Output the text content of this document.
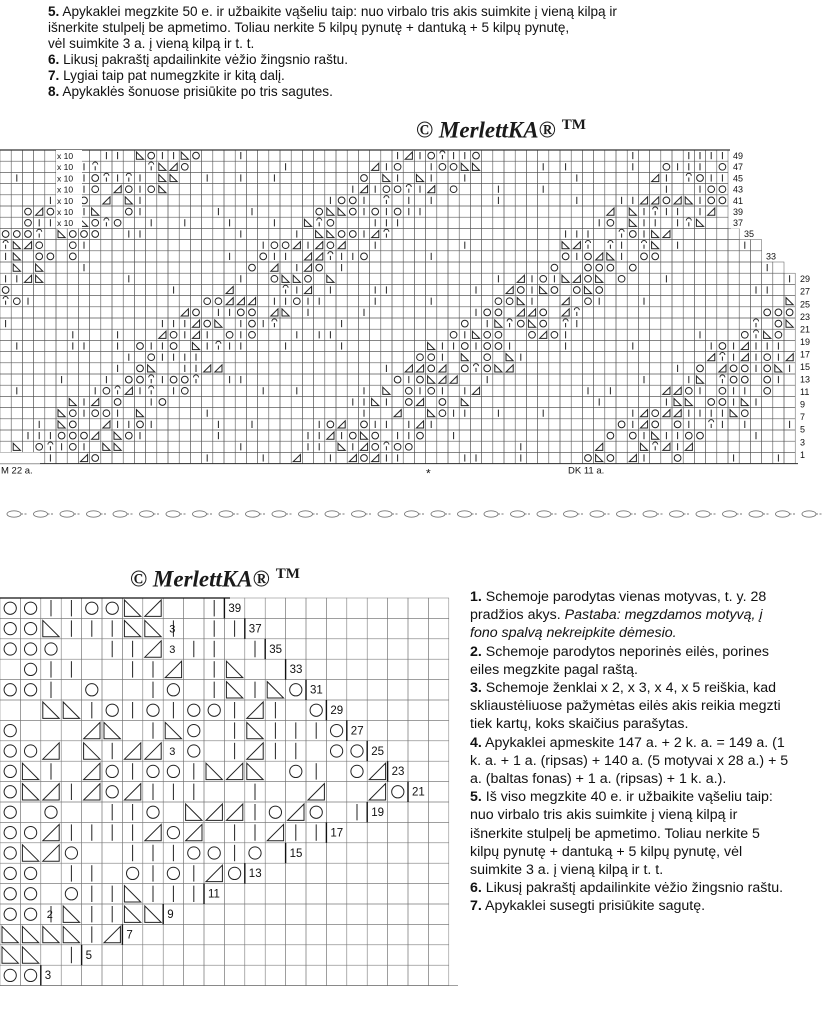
5. Apykaklei megzkite 50 e. ir užbaikite vąšeliu taip: nuo virbalo tris akis suimkite į vieną kilpą ir

išnerkite stulpelį be apmetimo. Toliau nerkite 5 kilpų pynutę + dantuką + 5 kilpų pynutę,

vėl suimkite 3 a. į vieną kilpą ir t. t.

6. Likusį pakraštį apdailinkite vėžio žingsnio raštu.

7. Lygiai taip pat numegzkite ir kitą dalį.

8. Apykaklės šonuose prisiūkite po tris sagutes.

© MerlettKA® ™
© MerlettKA® ™
x 10
x 10
x 10
x 10
x 10
x 10
x 10
49
47
45
43
41
39
37
35
33
29
27
25
23
21
19
17
15
13
11
9
7
5
3
1
M 22 a.	DK 11 a.
*
39
37
35
33
31
29
27
25
23
21
19
17
15
13
11
9
7
5
3
2
3
3
3

1. Schemoje parodytas vienas motyvas, t. y. 28 pradžios akys. Pastaba: megzdamos motyvą, į fono spalvą nekreipkite dėmesio.

2. Schemoje parodytos neporinės eilės, porines eiles megzkite pagal raštą.

3. Schemoje ženklai x 2, x 3, x 4, x 5 reiškia, kad skliaustėliuose pažymėtas eilės akis reikia megzti tiek kartų, koks skaičius parašytas.

4. Apykaklei apmeskite 147 a. + 2 k. a. = 149 a. (1 k. a. + 1 a. (ripsas) + 140 a. (5 motyvai x 28 a.) + 5 a. (baltas fonas) + 1 a. (ripsas) + 1 k. a.).

5. Iš viso megzkite 40 e. ir užbaikite vąšeliu taip: nuo virbalo tris akis suimkite į vieną kilpą ir išnerkite stulpelį be apmetimo. Toliau nerkite 5 kilpų pynutę + dantuką + 5 kilpų pynutę, vėl suimkite 3 a. į vieną kilpą ir t. t.

6. Likusį pakraštį apdailinkite vėžio žingsnio raštu.

7. Apykaklei susegti prisiūkite sagutę.
